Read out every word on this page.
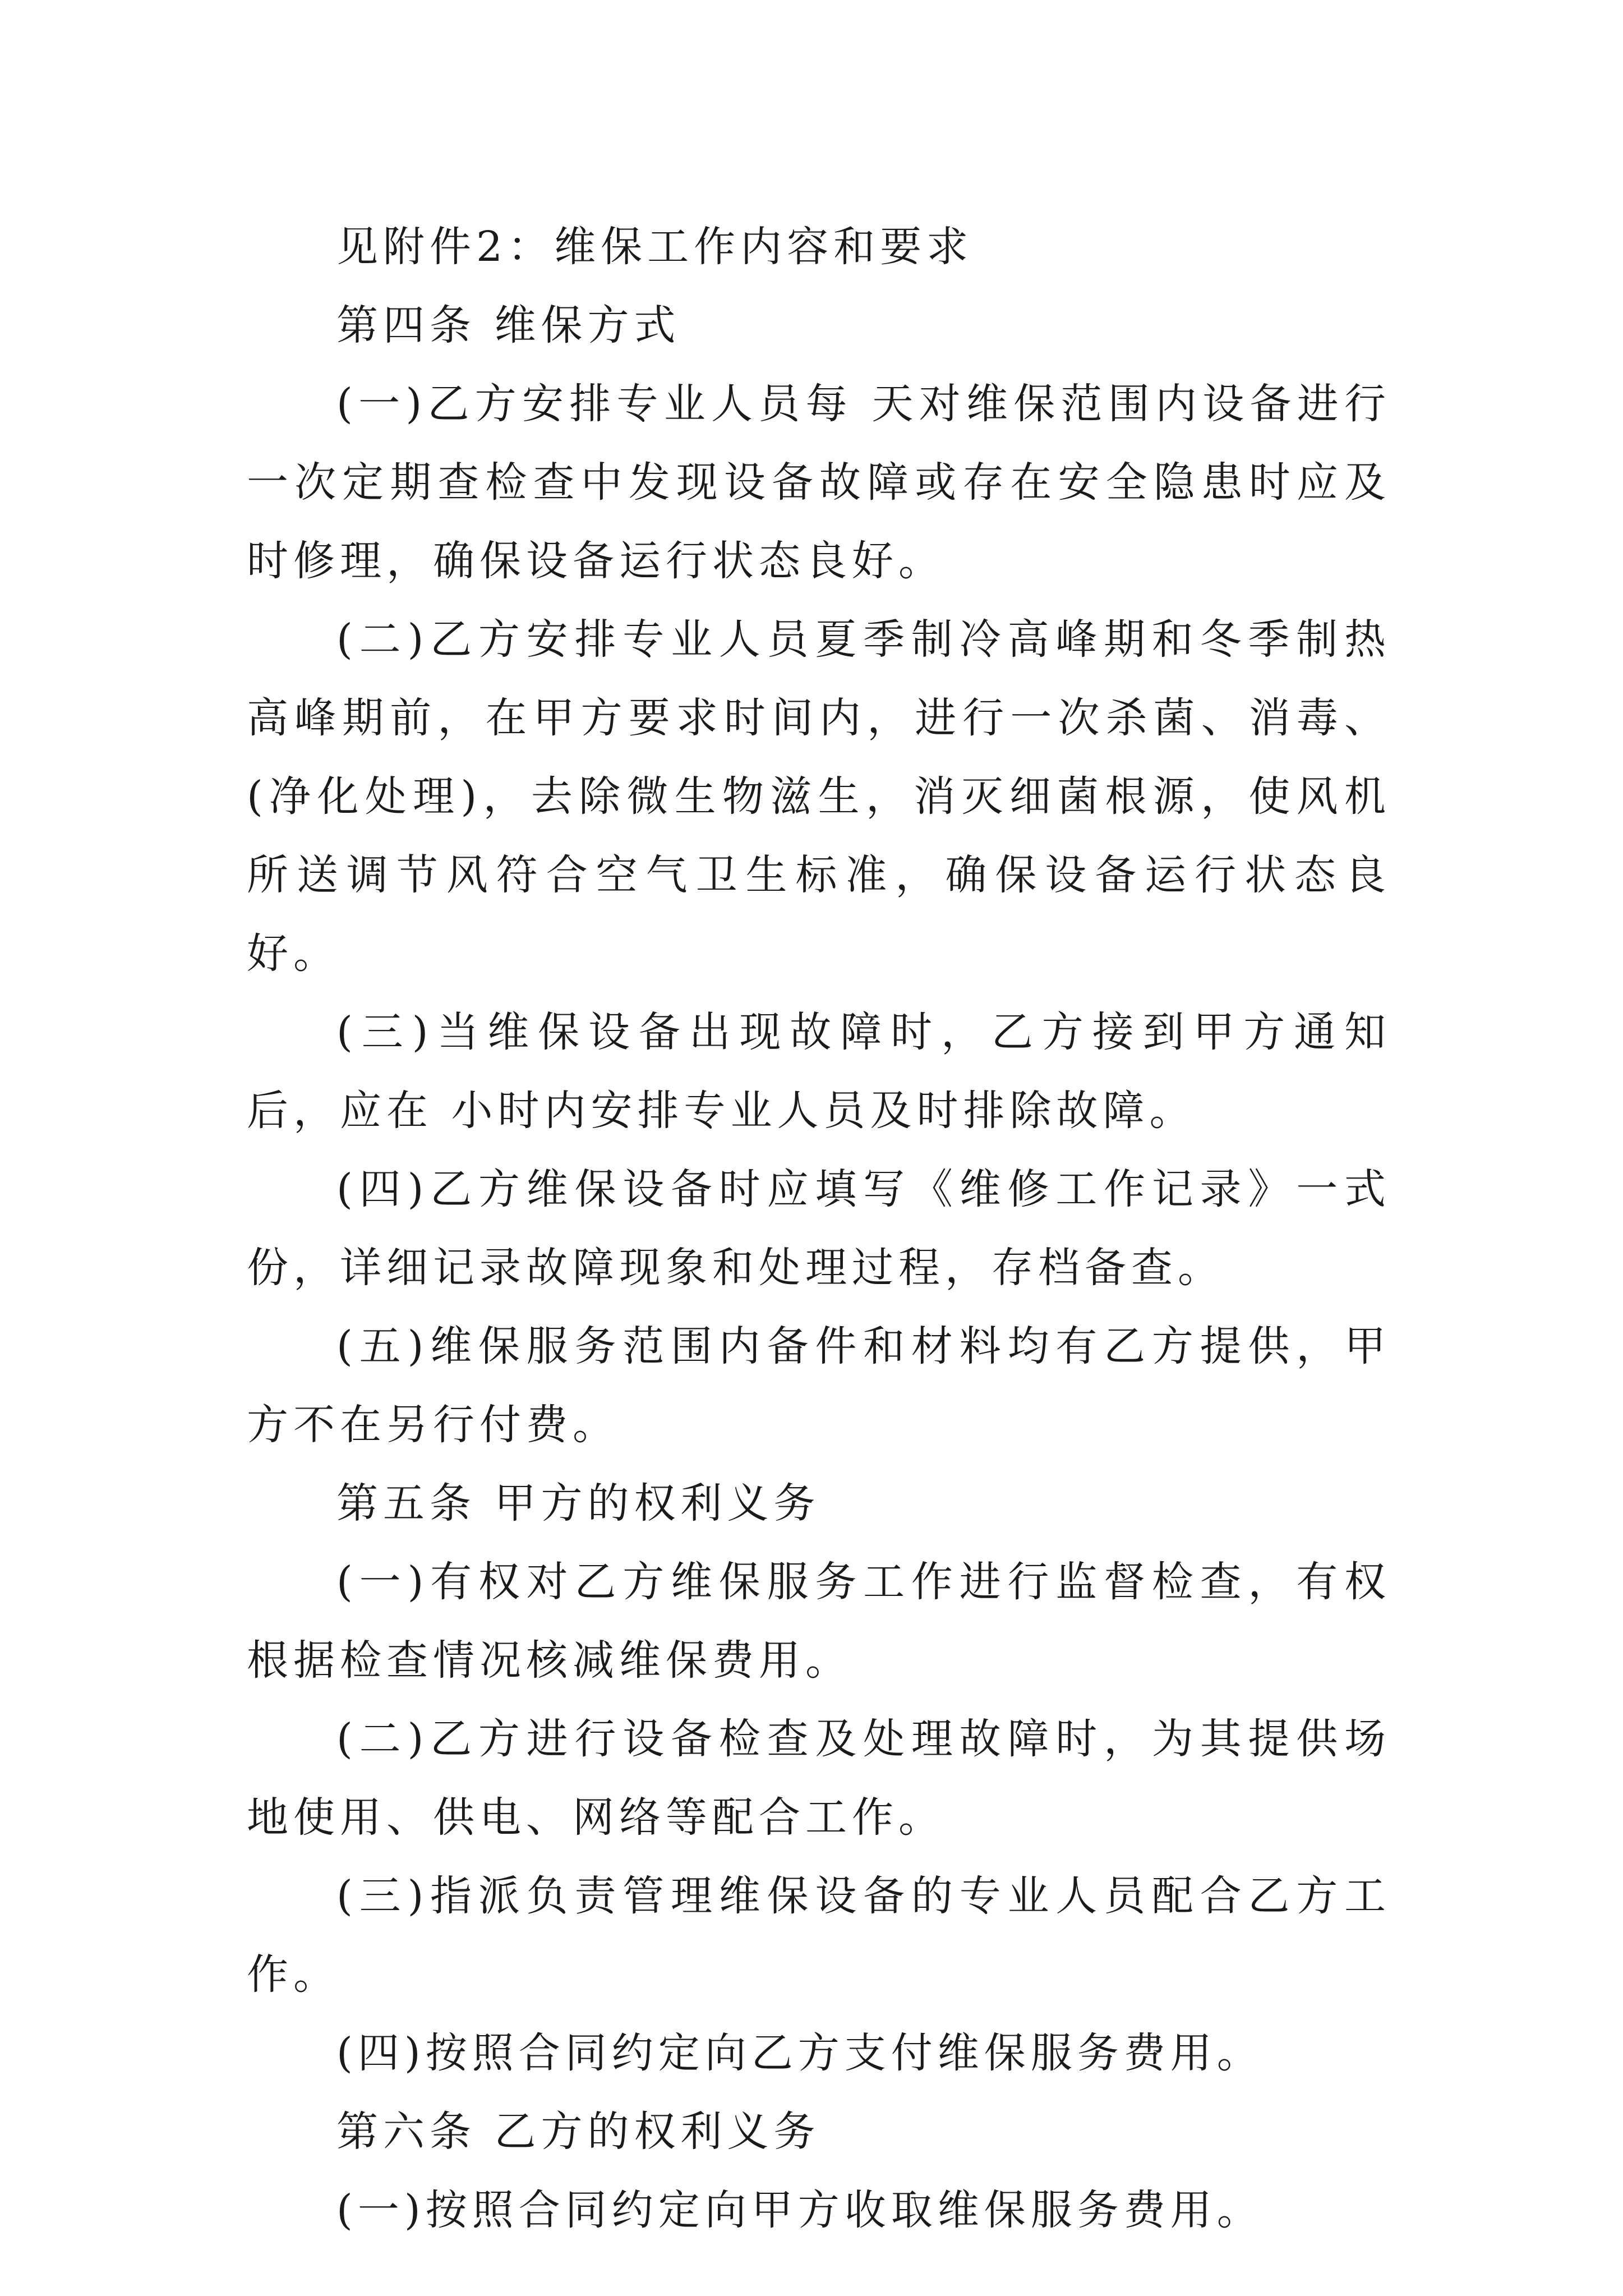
见附件2：维保工作内容和要求

第四条 维保方式

(一)乙方安排专业人员每 天对维保范围内设备进行一次定期查检查中发现设备故障或存在安全隐患时应及时修理，确保设备运行状态良好。

(二)乙方安排专业人员夏季制冷高峰期和冬季制热高峰期前，在甲方要求时间内，进行一次杀菌、消毒、(净化处理)，去除微生物滋生，消灭细菌根源，使风机所送调节风符合空气卫生标准，确保设备运行状态良好。

(三)当维保设备出现故障时，乙方接到甲方通知后，应在 小时内安排专业人员及时排除故障。

(四)乙方维保设备时应填写《维修工作记录》一式 份，详细记录故障现象和处理过程，存档备查。

(五)维保服务范围内备件和材料均有乙方提供，甲方不在另行付费。

第五条 甲方的权利义务

(一)有权对乙方维保服务工作进行监督检查，有权根据检查情况核减维保费用。

(二)乙方进行设备检查及处理故障时，为其提供场地使用、供电、网络等配合工作。

(三)指派负责管理维保设备的专业人员配合乙方工作。

(四)按照合同约定向乙方支付维保服务费用。

第六条 乙方的权利义务

(一)按照合同约定向甲方收取维保服务费用。
